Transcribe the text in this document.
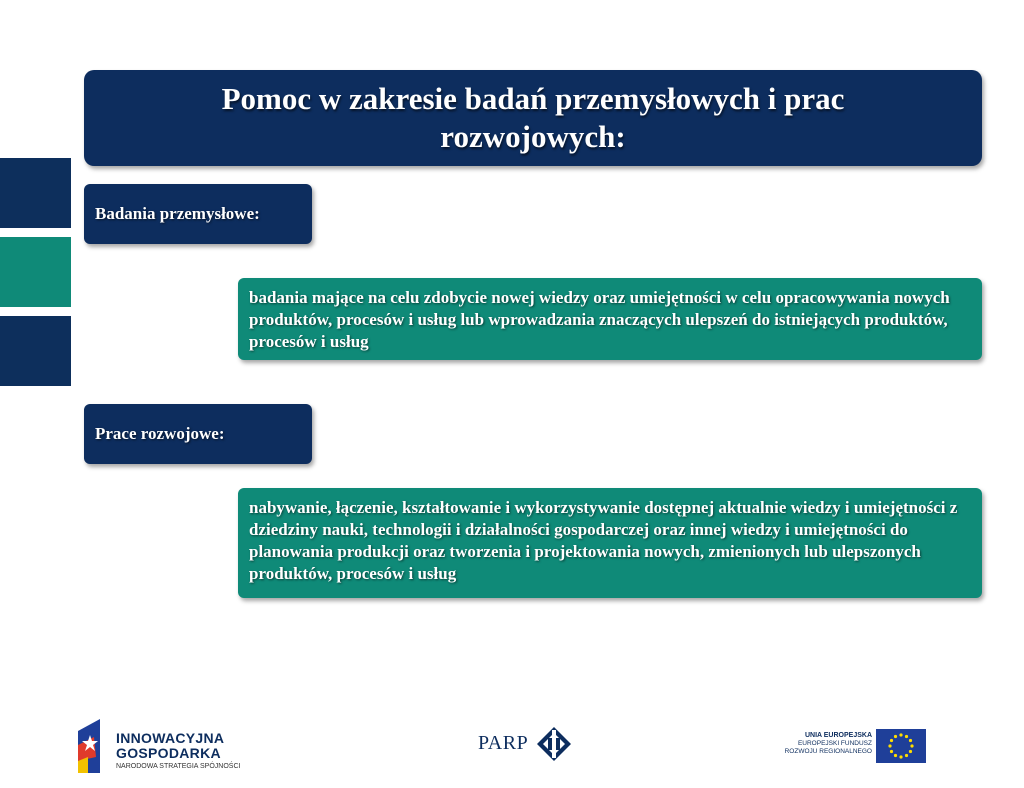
Pomoc w zakresie badań przemysłowych i prac rozwojowych:
Badania przemysłowe:
badania mające na celu zdobycie nowej wiedzy oraz umiejętności w celu opracowywania nowych produktów, procesów i usług lub wprowadzania znaczących ulepszeń do istniejących produktów, procesów i usług
Prace rozwojowe:
nabywanie, łączenie, kształtowanie i wykorzystywanie dostępnej aktualnie wiedzy i umiejętności z dziedziny nauki, technologii i działalności gospodarczej oraz innej wiedzy i umiejętności do planowania produkcji oraz tworzenia i projektowania nowych, zmienionych lub ulepszonych produktów, procesów i usług
INNOWACYJNA
GOSPODARKA
NARODOWA STRATEGIA SPÓJNOŚCI
PARP	UNIA EUROPEJSKA
EUROPEJSKI FUNDUSZ
ROZWOJU REGIONALNEGO
